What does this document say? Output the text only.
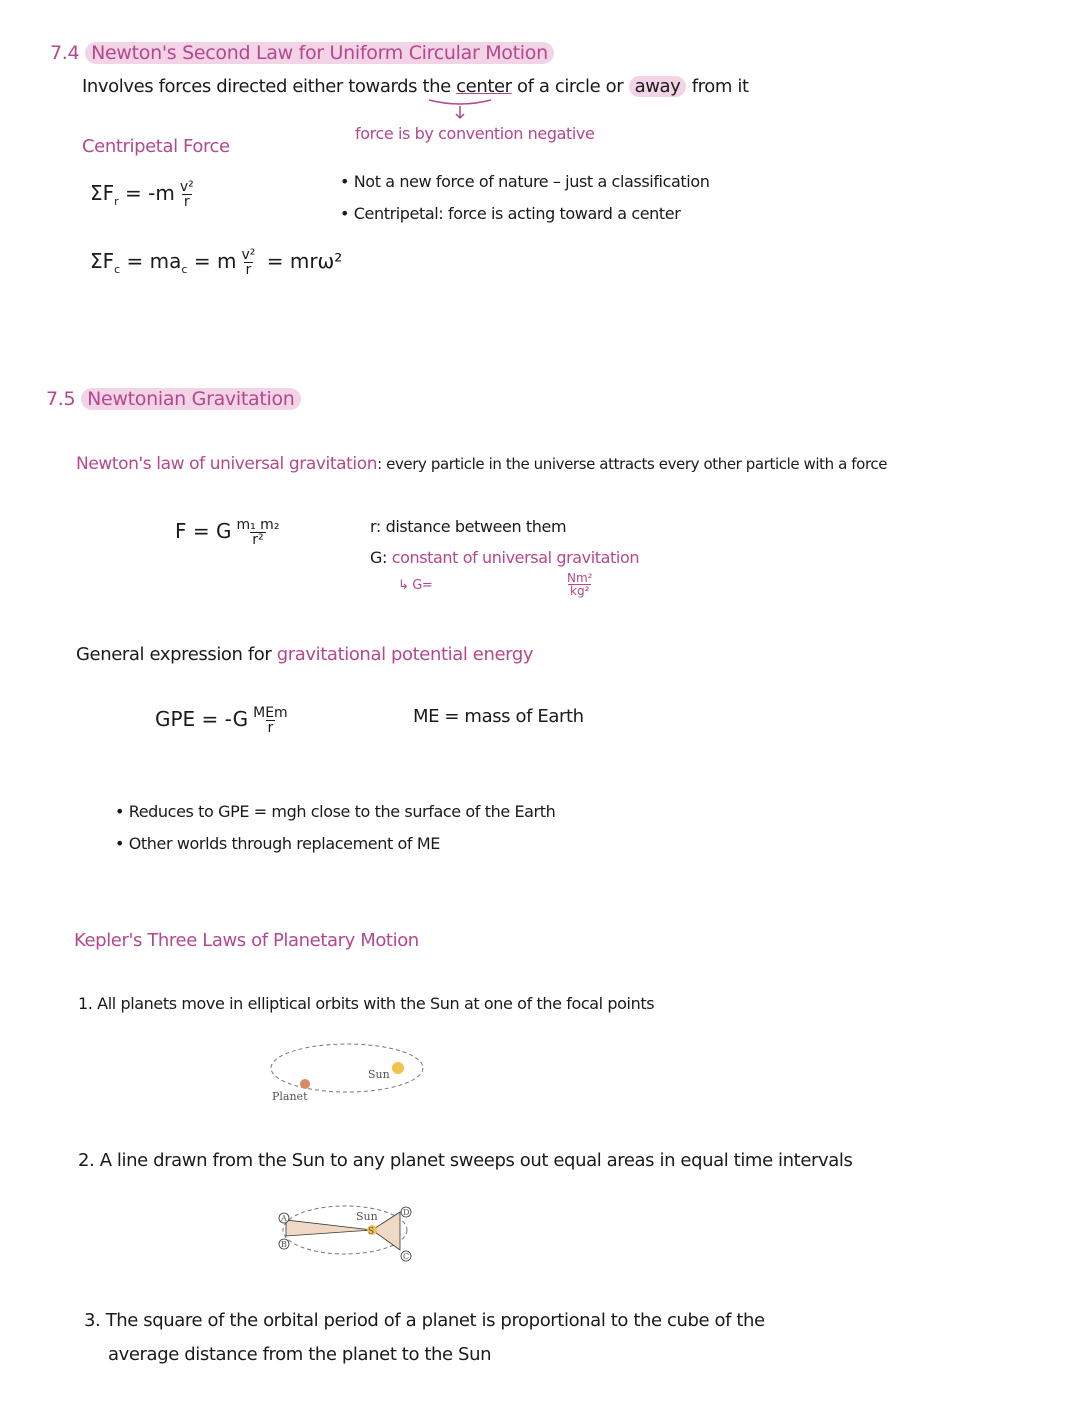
7.4 Newton's Second Law for Uniform Circular Motion
Involves forces directed either towards the center of a circle or away from it
force is by convention negative
Centripetal Force
$\Sigma F_r = -m \frac{\text{v²}}{r}$
$\Sigma F_c = ma_c = m \frac{\text{v²}}{r} = mr\omega^2$
• Not a new force of nature – just a classification
• Centripetal: force is acting toward a center
7.5 Newtonian Gravitation
Newton's law of universal gravitation: every particle in the universe attracts every other particle with a force
F = G $\frac{\text{m₁ m₂}}{\text{r²}}$	r: distance between them
G: constant of universal gravitation
↳ G=	$\frac{\text{Nm²}}{\text{kg²}}$
General expression for gravitational potential energy
GPE = $-G \frac{\text{MEm}}{r}$	ME = mass of Earth
• Reduces to GPE = mgh close to the surface of the Earth
• Other worlds through replacement of ME
Kepler's Three Laws of Planetary Motion
1. All planets move in elliptical orbits with the Sun at one of the focal points
Sun
Planet
2. A line drawn from the Sun to any planet sweeps out equal areas in equal time intervals
Sun
S
A
B
C
D
3. The square of the orbital period of a planet is proportional to the cube of the
average distance from the planet to the Sun
